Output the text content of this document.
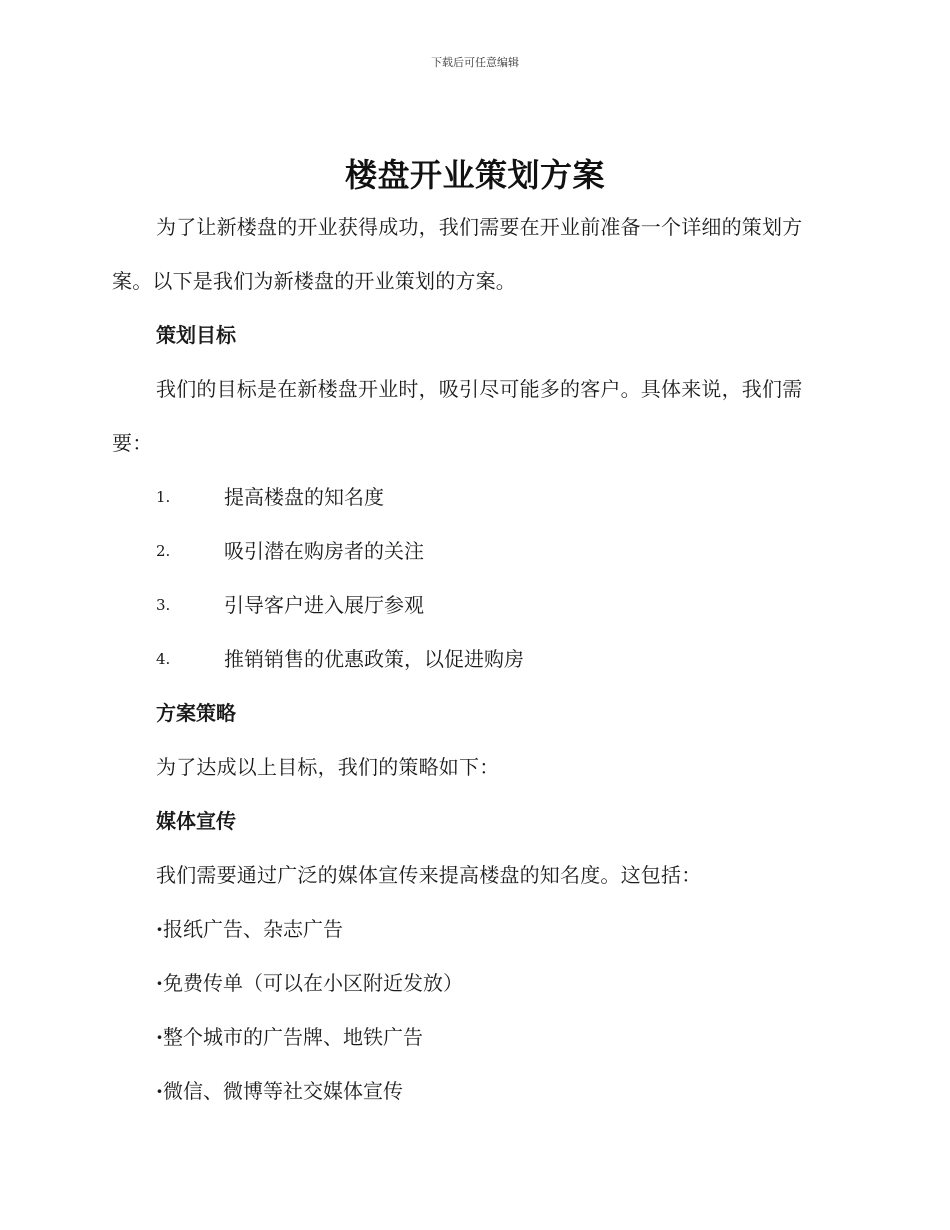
下载后可任意编辑
楼盘开业策划方案

为了让新楼盘的开业获得成功，我们需要在开业前准备一个详细的策划方案。以下是我们为新楼盘的开业策划的方案。

策划目标

我们的目标是在新楼盘开业时，吸引尽可能多的客户。具体来说，我们需要：

1.	提高楼盘的知名度
2.	吸引潜在购房者的关注
3.	引导客户进入展厅参观
4.	推销销售的优惠政策，以促进购房

方案策略

为了达成以上目标，我们的策略如下：

媒体宣传

我们需要通过广泛的媒体宣传来提高楼盘的知名度。这包括：

·报纸广告、杂志广告

·免费传单（可以在小区附近发放）

·整个城市的广告牌、地铁广告

·微信、微博等社交媒体宣传
